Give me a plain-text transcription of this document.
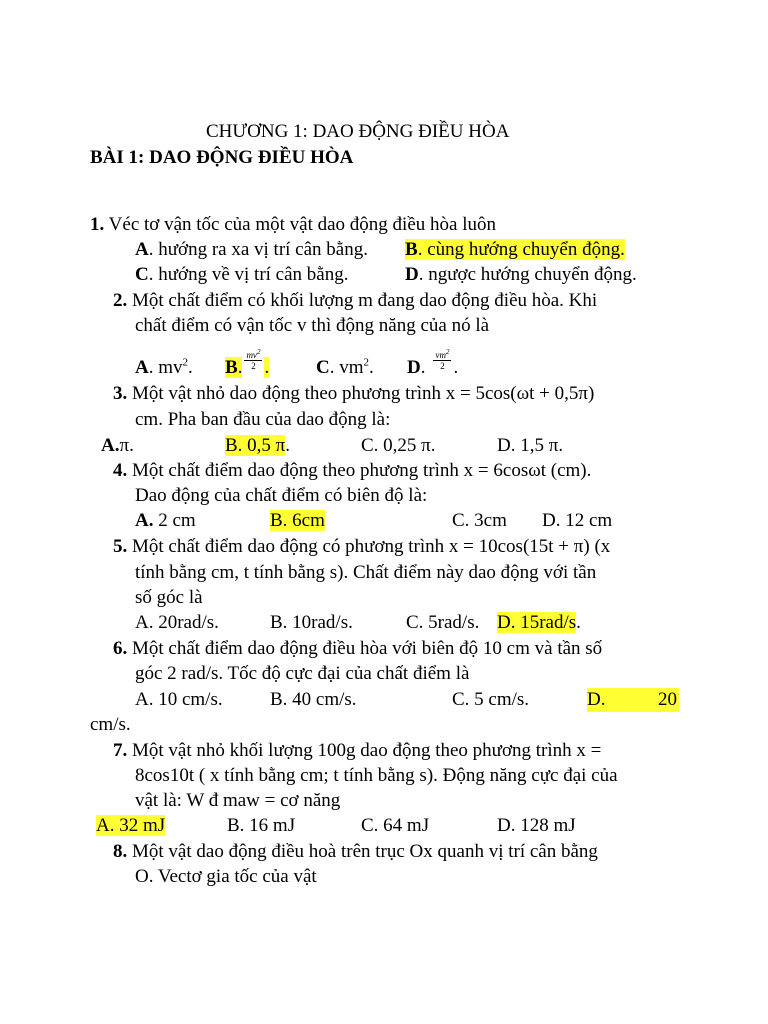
CHƯƠNG 1: DAO ĐỘNG ĐIỀU HÒA
BÀI 1: DAO ĐỘNG ĐIỀU HÒA
1. Véc tơ vận tốc của một vật dao động điều hòa luôn
A. hướng ra xa vị trí cân bằng. B. cùng hướng chuyển động.
C. hướng về vị trí cân bằng.	D. ngược hướng chuyển động.
2. Một chất điểm có khối lượng m đang dao động điều hòa. Khi
chất điểm có vận tốc v thì động năng của nó là
A. $mv^2$. B. $\frac{mv^2}{2}$ . C. $vm^2$. D. $\frac{vm^2}{2}$ .
3. Một vật nhỏ dao động theo phương trình x = 5cos(ωt + 0,5π)
cm. Pha ban đầu của dao động là:
A.π.	B. 0,5 π.	C. 0,25 π.	D. 1,5 π.
4. Một chất điểm dao động theo phương trình x = 6cosωt (cm).
Dao động của chất điểm có biên độ là:
A. 2 cm	B. 6cm	C. 3cm D. 12 cm
5. Một chất điểm dao động có phương trình x = 10cos(15t + π) (x
tính bằng cm, t tính bằng s). Chất điểm này dao động với tần
số góc là
A. 20rad/s.	B. 10rad/s.	C. 5rad/s. D. 15rad/s.
6. Một chất điểm dao động điều hòa với biên độ 10 cm và tần số
góc 2 rad/s. Tốc độ cực đại của chất điểm là
A. 10 cm/s. B. 40 cm/s.	C. 5 cm/s.	D.	20
cm/s.
7. Một vật nhỏ khối lượng 100g dao động theo phương trình x =
8cos10t ( x tính bằng cm; t tính bằng s). Động năng cực đại của
vật là: W đ maw = cơ năng
A. 32 mJ	B. 16 mJ	C. 64 mJ	D. 128 mJ
8. Một vật dao động điều hoà trên trục Ox quanh vị trí cân bằng
O. Vectơ gia tốc của vật
